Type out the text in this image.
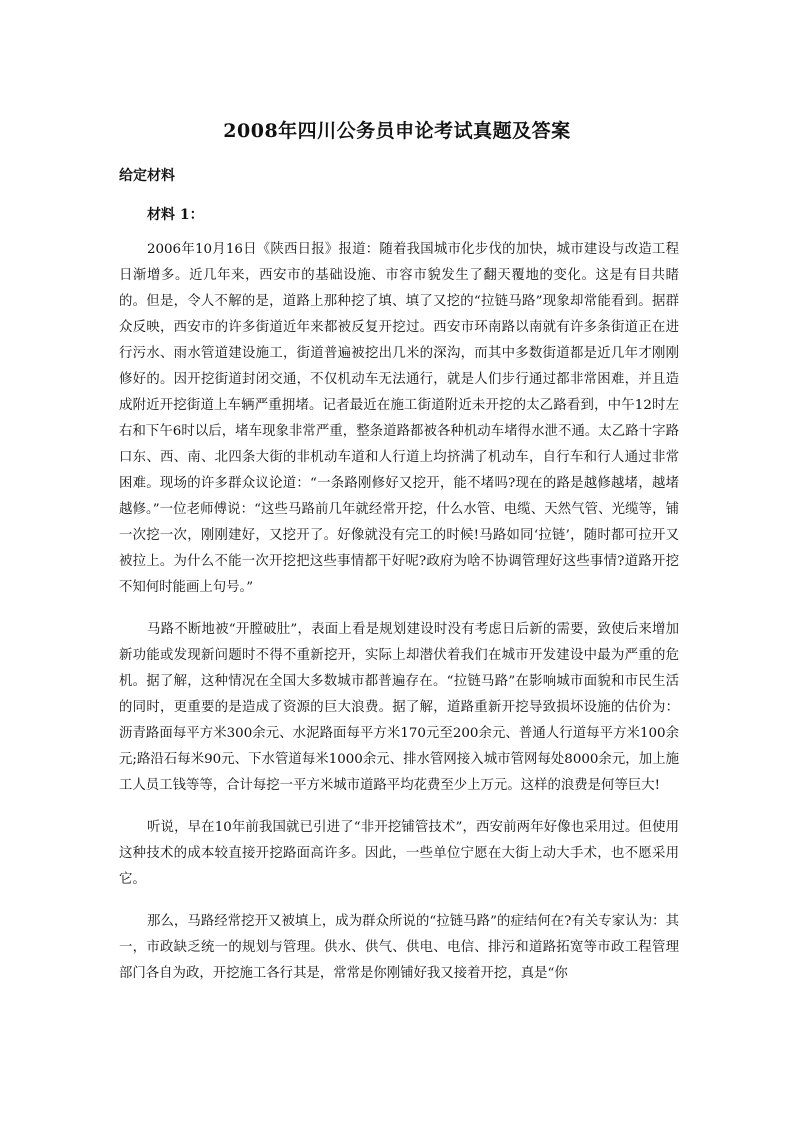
2008年四川公务员申论考试真题及答案
给定材料
材料 1：

2006年10月16日《陕西日报》报道：随着我国城市化步伐的加快，城市建设与改造工程日渐增多。近几年来，西安市的基础设施、市容市貌发生了翻天覆地的变化。这是有目共睹的。但是，令人不解的是，道路上那种挖了填、填了又挖的“拉链马路”现象却常能看到。据群众反映，西安市的许多街道近年来都被反复开挖过。西安市环南路以南就有许多条街道正在进行污水、雨水管道建设施工，街道普遍被挖出几米的深沟，而其中多数街道都是近几年才刚刚修好的。因开挖街道封闭交通，不仅机动车无法通行，就是人们步行通过都非常困难，并且造成附近开挖街道上车辆严重拥堵。记者最近在施工街道附近未开挖的太乙路看到，中午12时左右和下午6时以后，堵车现象非常严重，整条道路都被各种机动车堵得水泄不通。太乙路十字路口东、西、南、北四条大街的非机动车道和人行道上均挤满了机动车，自行车和行人通过非常困难。现场的许多群众议论道：“一条路刚修好又挖开，能不堵吗?现在的路是越修越堵，越堵越修。”一位老师傅说：“这些马路前几年就经常开挖，什么水管、电缆、天然气管、光缆等，铺一次挖一次，刚刚建好，又挖开了。好像就没有完工的时候!马路如同‘拉链’，随时都可拉开又被拉上。为什么不能一次开挖把这些事情都干好呢?政府为啥不协调管理好这些事情?道路开挖不知何时能画上句号。”

马路不断地被“开膛破肚”，表面上看是规划建设时没有考虑日后新的需要，致使后来增加新功能或发现新问题时不得不重新挖开，实际上却潜伏着我们在城市开发建设中最为严重的危机。据了解，这种情况在全国大多数城市都普遍存在。“拉链马路”在影响城市面貌和市民生活的同时，更重要的是造成了资源的巨大浪费。据了解，道路重新开挖导致损坏设施的估价为：沥青路面每平方米300余元、水泥路面每平方米170元至200余元、普通人行道每平方米100余元;路沿石每米90元、下水管道每米1000余元、排水管网接入城市管网每处8000余元，加上施工人员工钱等等，合计每挖一平方米城市道路平均花费至少上万元。这样的浪费是何等巨大!

听说，早在10年前我国就已引进了“非开挖铺管技术”，西安前两年好像也采用过。但使用这种技术的成本较直接开挖路面高许多。因此，一些单位宁愿在大街上动大手术，也不愿采用它。

那么，马路经常挖开又被填上，成为群众所说的“拉链马路”的症结何在?有关专家认为：其一，市政缺乏统一的规划与管理。供水、供气、供电、电信、排污和道路拓宽等市政工程管理部门各自为政，开挖施工各行其是，常常是你刚铺好我又接着开挖，真是“你
